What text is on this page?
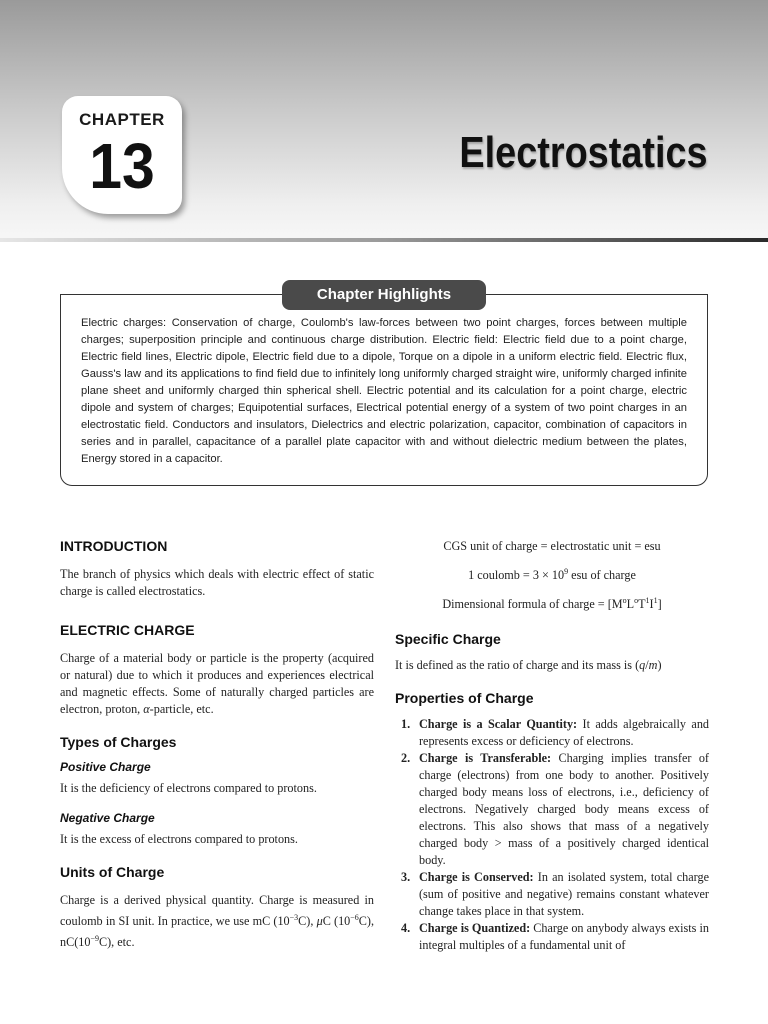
CHAPTER
13	Electrostatics
Electric charges: Conservation of charge, Coulomb's law-forces between two point charges, forces between multiple charges; superposition principle and continuous charge distribution. Electric field: Electric field due to a point charge, Electric field lines, Electric dipole, Electric field due to a dipole, Torque on a dipole in a uniform electric field. Electric flux, Gauss's law and its applications to find field due to infinitely long uniformly charged straight wire, uniformly charged infinite plane sheet and uniformly charged thin spherical shell. Electric potential and its calculation for a point charge, electric dipole and system of charges; Equipotential surfaces, Electrical potential energy of a system of two point charges in an electrostatic field. Conductors and insulators, Dielectrics and electric polarization, capacitor, combination of capacitors in series and in parallel, capacitance of a parallel plate capacitor with and without dielectric medium between the plates, Energy stored in a capacitor.
Chapter Highlights
INTRODUCTION

The branch of physics which deals with electric effect of static charge is called electrostatics.

ELECTRIC CHARGE

Charge of a material body or particle is the property (acquired or natural) due to which it produces and experiences electrical and magnetic effects. Some of naturally charged particles are electron, proton, α-particle, etc.

Types of Charges
Positive Charge

It is the deficiency of electrons compared to protons.

Negative Charge

It is the excess of electrons compared to protons.

Units of Charge

Charge is a derived physical quantity. Charge is measured in coulomb in SI unit. In practice, we use mC $(10^{-3}C)$, μC $(10^{-6}C)$, $nC(10^{-9}C)$, etc.

CGS unit of charge = electrostatic unit = esu
1 coulomb = $3 \times 10^9$ esu of charge
Dimensional formula of charge = $[M^oL^oT^1I^1]$
Specific Charge

It is defined as the ratio of charge and its mass is (q/m)

Properties of Charge
1. Charge is a Scalar Quantity: It adds algebraically and represents excess or deficiency of electrons.
2. Charge is Transferable: Charging implies transfer of charge (electrons) from one body to another. Positively charged body means loss of electrons, i.e., deficiency of electrons. Negatively charged body means excess of electrons. This also shows that mass of a negatively charged body > mass of a positively charged identical body.
3. Charge is Conserved: In an isolated system, total charge (sum of positive and negative) remains constant whatever change takes place in that system.
4. Charge is Quantized: Charge on anybody always exists in integral multiples of a fundamental unit of
